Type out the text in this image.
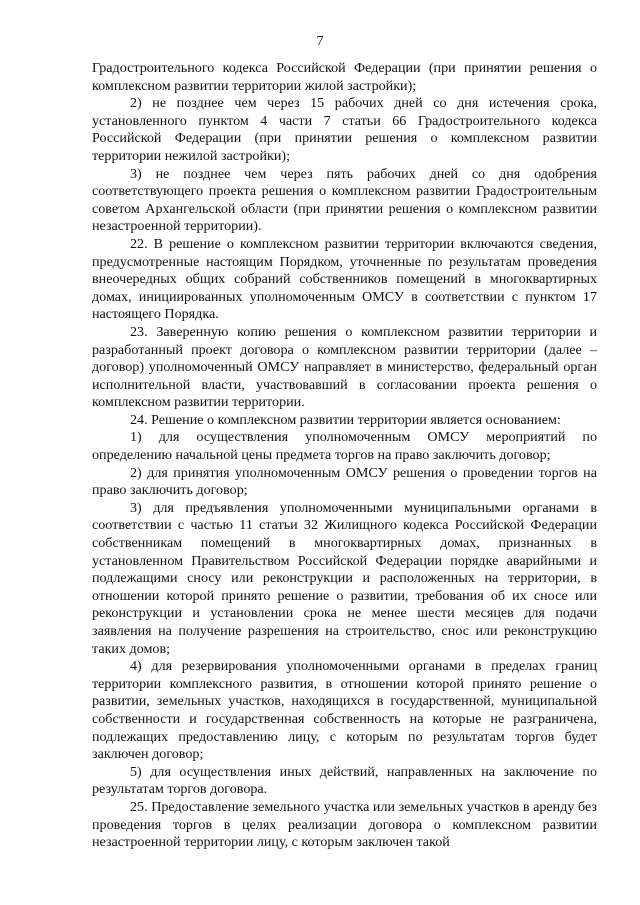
7

Градостроительного кодекса Российской Федерации (при принятии решения о комплексном развитии территории жилой застройки);

2) не позднее чем через 15 рабочих дней со дня истечения срока, установленного пунктом 4 части 7 статьи 66 Градостроительного кодекса Российской Федерации (при принятии решения о комплексном развитии территории нежилой застройки);

3) не позднее чем через пять рабочих дней со дня одобрения соответствующего проекта решения о комплексном развитии Градостроительным советом Архангельской области (при принятии решения о комплексном развитии незастроенной территории).

22. В решение о комплексном развитии территории включаются сведения, предусмотренные настоящим Порядком, уточненные по результатам проведения внеочередных общих собраний собственников помещений в многоквартирных домах, инициированных уполномоченным ОМСУ в соответствии с пунктом 17 настоящего Порядка.

23. Заверенную копию решения о комплексном развитии территории и разработанный проект договора о комплексном развитии территории (далее – договор) уполномоченный ОМСУ направляет в министерство, федеральный орган исполнительной власти, участвовавший в согласовании проекта решения о комплексном развитии территории.

24. Решение о комплексном развитии территории является основанием:

1) для осуществления уполномоченным ОМСУ мероприятий по определению начальной цены предмета торгов на право заключить договор;

2) для принятия уполномоченным ОМСУ решения о проведении торгов на право заключить договор;

3) для предъявления уполномоченными муниципальными органами в соответствии с частью 11 статьи 32 Жилищного кодекса Российской Федерации собственникам помещений в многоквартирных домах, признанных в установленном Правительством Российской Федерации порядке аварийными и подлежащими сносу или реконструкции и расположенных на территории, в отношении которой принято решение о развитии, требования об их сносе или реконструкции и установлении срока не менее шести месяцев для подачи заявления на получение разрешения на строительство, снос или реконструкцию таких домов;

4) для резервирования уполномоченными органами в пределах границ территории комплексного развития, в отношении которой принято решение о развитии, земельных участков, находящихся в государственной, муниципальной собственности и государственная собственность на которые не разграничена, подлежащих предоставлению лицу, с которым по результатам торгов будет заключен договор;

5) для осуществления иных действий, направленных на заключение по результатам торгов договора.

25. Предоставление земельного участка или земельных участков в аренду без проведения торгов в целях реализации договора о комплексном развитии незастроенной территории лицу, с которым заключен такой
